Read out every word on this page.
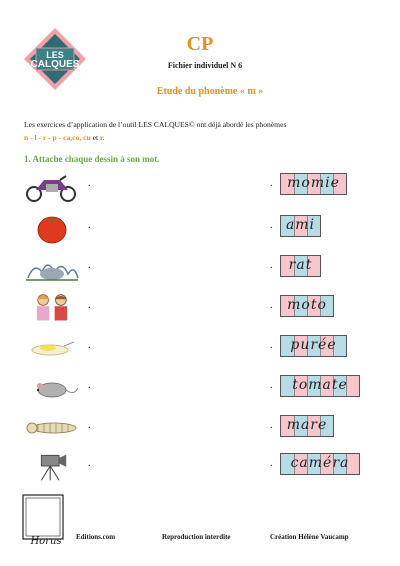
LES
CALQUES
CP
Fichier individuel N 6
Etude du phonème « m »
Les exercices d’application de l’outil LES CALQUES© ont déjà abordé les phonèmes
n - l - r - p - ca,co, cu et r.
1. Attache chaque dessin à son mot.
.	.	momie
.	. ami
.	.	rat
.	.	moto
.	.	purée
.	.	tomate
.	.	mare
.	.	caméra
Horus	Editions.com	Reproduction interdite	Création Hélène Vaucamp
